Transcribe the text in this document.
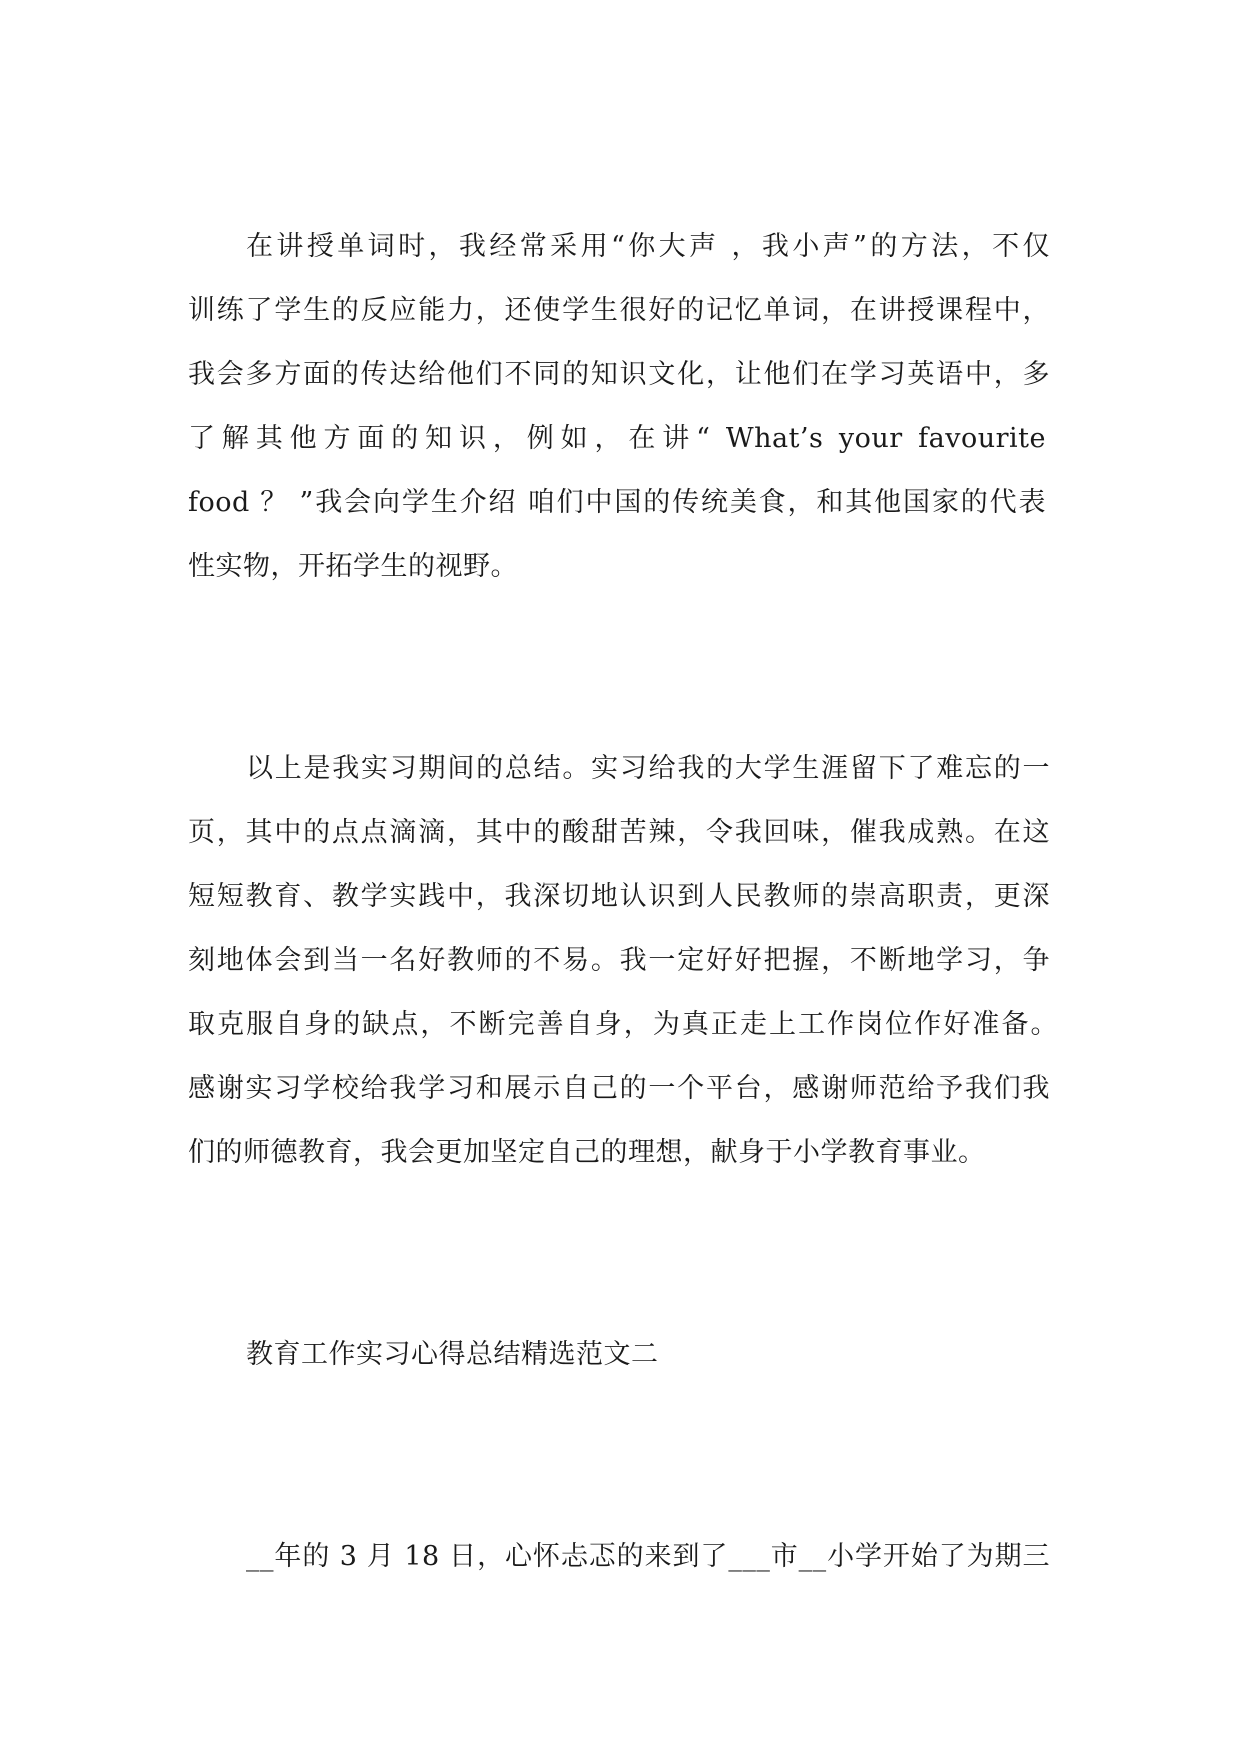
在讲授单词时，我经常采用“你大声 ，我小声”的方法，不仅
训练了学生的反应能力，还使学生很好的记忆单词，在讲授课程中，
我会多方面的传达给他们不同的知识文化，让他们在学习英语中，多
了解其他方面的知识，例如，在讲“ What’s your favourite
food ？ ”我会向学生介绍 咱们中国的传统美食，和其他国家的代表
性实物，开拓学生的视野。
以上是我实习期间的总结。实习给我的大学生涯留下了难忘的一
页，其中的点点滴滴，其中的酸甜苦辣，令我回味，催我成熟。在这
短短教育、教学实践中，我深切地认识到人民教师的崇高职责，更深
刻地体会到当一名好教师的不易。我一定好好把握，不断地学习，争
取克服自身的缺点，不断完善自身，为真正走上工作岗位作好准备。
感谢实习学校给我学习和展示自己的一个平台，感谢师范给予我们我
们的师德教育，我会更加坚定自己的理想，献身于小学教育事业。
教育工作实习心得总结精选范文二
__年的 3 月 18 日，心怀忐忑的来到了___市__小学开始了为期三
